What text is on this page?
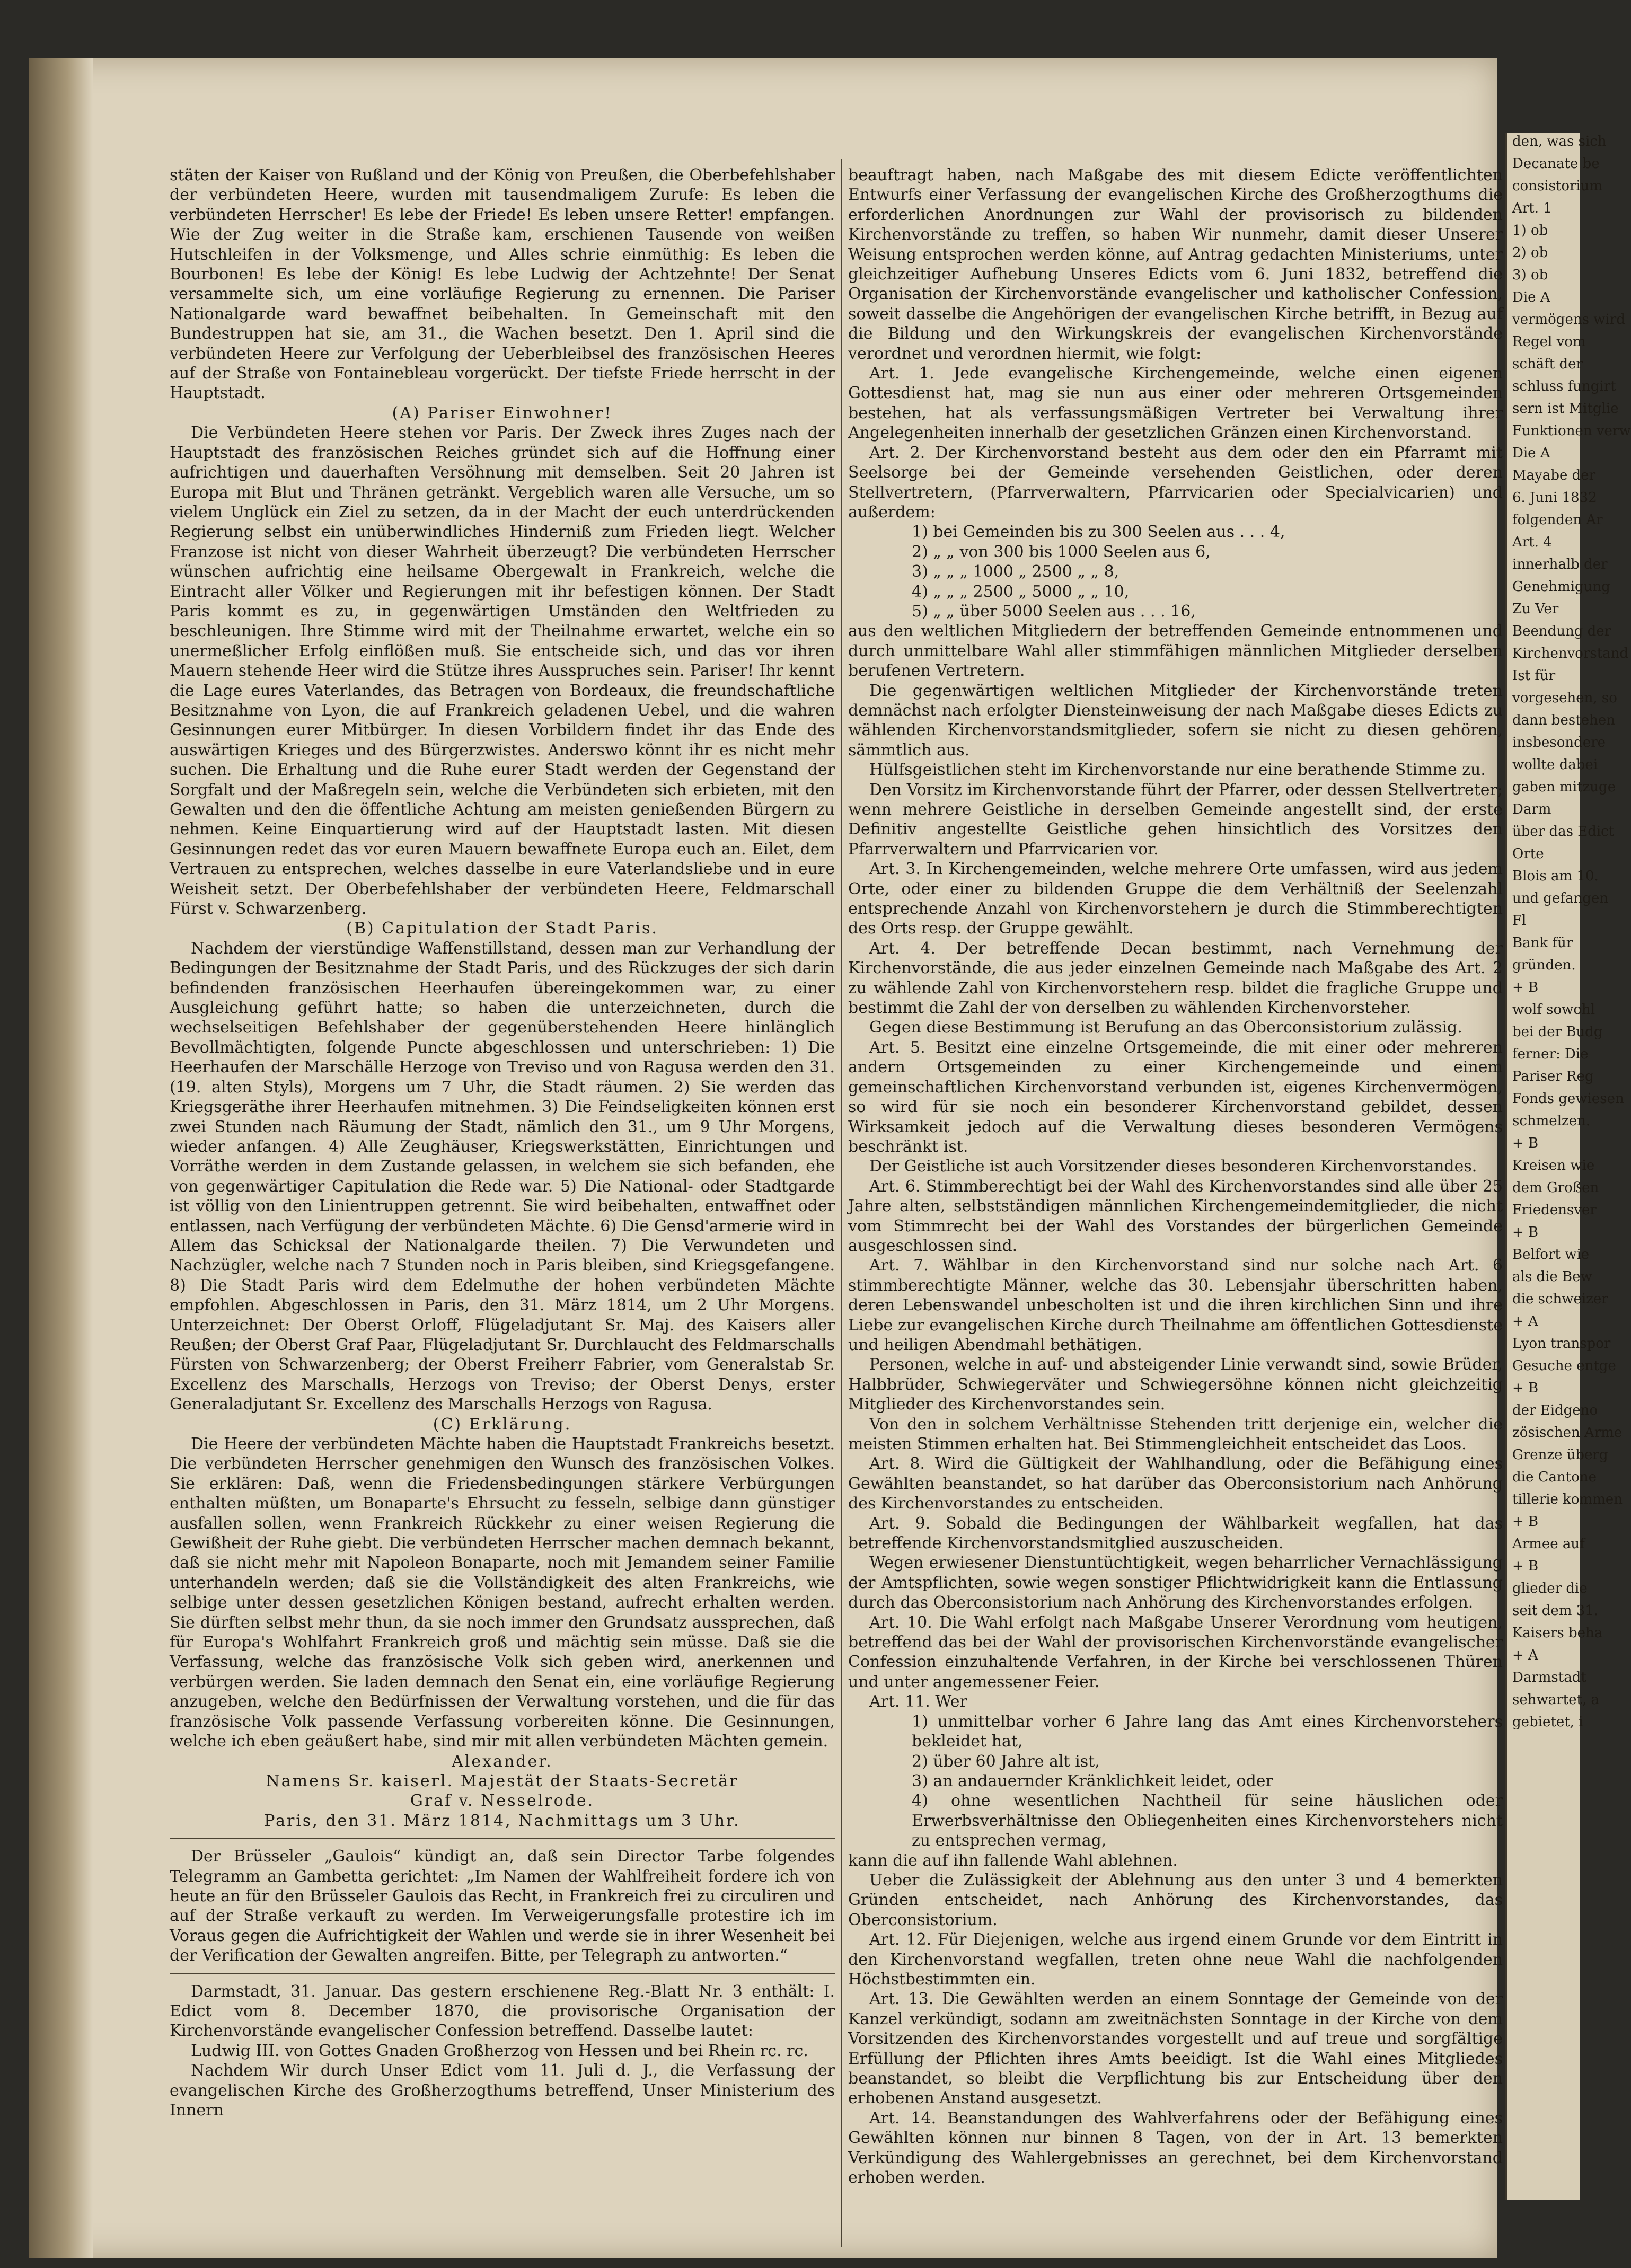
stäten der Kaiser von Rußland und der König von Preußen, die Oberbefehlshaber der verbündeten Heere, wurden mit tausendmaligem Zurufe: Es leben die verbündeten Herrscher! Es lebe der Friede! Es leben unsere Retter! empfangen. Wie der Zug weiter in die Straße kam, erschienen Tausende von weißen Hutschleifen in der Volksmenge, und Alles schrie einmüthig: Es leben die Bourbonen! Es lebe der König! Es lebe Ludwig der Achtzehnte! Der Senat versammelte sich, um eine vorläufige Regierung zu ernennen. Die Pariser Nationalgarde ward bewaffnet beibehalten. In Gemeinschaft mit den Bundestruppen hat sie, am 31., die Wachen besetzt. Den 1. April sind die verbündeten Heere zur Verfolgung der Ueberbleibsel des französischen Heeres auf der Straße von Fontainebleau vorgerückt. Der tiefste Friede herrscht in der Hauptstadt.

(A) Pariser Einwohner!

Die Verbündeten Heere stehen vor Paris. Der Zweck ihres Zuges nach der Hauptstadt des französischen Reiches gründet sich auf die Hoffnung einer aufrichtigen und dauerhaften Versöhnung mit demselben. Seit 20 Jahren ist Europa mit Blut und Thränen getränkt. Vergeblich waren alle Versuche, um so vielem Unglück ein Ziel zu setzen, da in der Macht der euch unterdrückenden Regierung selbst ein unüberwindliches Hinderniß zum Frieden liegt. Welcher Franzose ist nicht von dieser Wahrheit überzeugt? Die verbündeten Herrscher wünschen aufrichtig eine heilsame Obergewalt in Frankreich, welche die Eintracht aller Völker und Regierungen mit ihr befestigen können. Der Stadt Paris kommt es zu, in gegenwärtigen Umständen den Weltfrieden zu beschleunigen. Ihre Stimme wird mit der Theilnahme erwartet, welche ein so unermeßlicher Erfolg einflößen muß. Sie entscheide sich, und das vor ihren Mauern stehende Heer wird die Stütze ihres Ausspruches sein. Pariser! Ihr kennt die Lage eures Vaterlandes, das Betragen von Bordeaux, die freundschaftliche Besitznahme von Lyon, die auf Frankreich geladenen Uebel, und die wahren Gesinnungen eurer Mitbürger. In diesen Vorbildern findet ihr das Ende des auswärtigen Krieges und des Bürgerzwistes. Anderswo könnt ihr es nicht mehr suchen. Die Erhaltung und die Ruhe eurer Stadt werden der Gegenstand der Sorgfalt und der Maßregeln sein, welche die Verbündeten sich erbieten, mit den Gewalten und den die öffentliche Achtung am meisten genießenden Bürgern zu nehmen. Keine Einquartierung wird auf der Hauptstadt lasten. Mit diesen Gesinnungen redet das vor euren Mauern bewaffnete Europa euch an. Eilet, dem Vertrauen zu entsprechen, welches dasselbe in eure Vaterlandsliebe und in eure Weisheit setzt. Der Oberbefehlshaber der verbündeten Heere, Feldmarschall Fürst v. Schwarzenberg.

(B) Capitulation der Stadt Paris.

Nachdem der vierstündige Waffenstillstand, dessen man zur Verhandlung der Bedingungen der Besitznahme der Stadt Paris, und des Rückzuges der sich darin befindenden französischen Heerhaufen übereingekommen war, zu einer Ausgleichung geführt hatte; so haben die unterzeichneten, durch die wechselseitigen Befehlshaber der gegenüberstehenden Heere hinlänglich Bevollmächtigten, folgende Puncte abgeschlossen und unterschrieben: 1) Die Heerhaufen der Marschälle Herzoge von Treviso und von Ragusa werden den 31. (19. alten Styls), Morgens um 7 Uhr, die Stadt räumen. 2) Sie werden das Kriegsgeräthe ihrer Heerhaufen mitnehmen. 3) Die Feindseligkeiten können erst zwei Stunden nach Räumung der Stadt, nämlich den 31., um 9 Uhr Morgens, wieder anfangen. 4) Alle Zeughäuser, Kriegswerkstätten, Einrichtungen und Vorräthe werden in dem Zustande gelassen, in welchem sie sich befanden, ehe von gegenwärtiger Capitulation die Rede war. 5) Die National- oder Stadtgarde ist völlig von den Linientruppen getrennt. Sie wird beibehalten, entwaffnet oder entlassen, nach Verfügung der verbündeten Mächte. 6) Die Gensd'armerie wird in Allem das Schicksal der Nationalgarde theilen. 7) Die Verwundeten und Nachzügler, welche nach 7 Stunden noch in Paris bleiben, sind Kriegsgefangene. 8) Die Stadt Paris wird dem Edelmuthe der hohen verbündeten Mächte empfohlen. Abgeschlossen in Paris, den 31. März 1814, um 2 Uhr Morgens. Unterzeichnet: Der Oberst Orloff, Flügeladjutant Sr. Maj. des Kaisers aller Reußen; der Oberst Graf Paar, Flügeladjutant Sr. Durchlaucht des Feldmarschalls Fürsten von Schwarzenberg; der Oberst Freiherr Fabrier, vom Generalstab Sr. Excellenz des Marschalls, Herzogs von Treviso; der Oberst Denys, erster Generaladjutant Sr. Excellenz des Marschalls Herzogs von Ragusa.

(C) Erklärung.

Die Heere der verbündeten Mächte haben die Hauptstadt Frankreichs besetzt. Die verbündeten Herrscher genehmigen den Wunsch des französischen Volkes. Sie erklären: Daß, wenn die Friedensbedingungen stärkere Verbürgungen enthalten müßten, um Bonaparte's Ehrsucht zu fesseln, selbige dann günstiger ausfallen sollen, wenn Frankreich Rückkehr zu einer weisen Regierung die Gewißheit der Ruhe giebt. Die verbündeten Herrscher machen demnach bekannt, daß sie nicht mehr mit Napoleon Bonaparte, noch mit Jemandem seiner Familie unterhandeln werden; daß sie die Vollständigkeit des alten Frankreichs, wie selbige unter dessen gesetzlichen Königen bestand, aufrecht erhalten werden. Sie dürften selbst mehr thun, da sie noch immer den Grundsatz aussprechen, daß für Europa's Wohlfahrt Frankreich groß und mächtig sein müsse. Daß sie die Verfassung, welche das französische Volk sich geben wird, anerkennen und verbürgen werden. Sie laden demnach den Senat ein, eine vorläufige Regierung anzugeben, welche den Bedürfnissen der Verwaltung vorstehen, und die für das französische Volk passende Verfassung vorbereiten könne. Die Gesinnungen, welche ich eben geäußert habe, sind mir mit allen verbündeten Mächten gemein.

Alexander.

Namens Sr. kaiserl. Majestät der Staats-Secretär

Graf v. Nesselrode.

Paris, den 31. März 1814, Nachmittags um 3 Uhr.

Der Brüsseler „Gaulois“ kündigt an, daß sein Director Tarbe folgendes Telegramm an Gambetta gerichtet: „Im Namen der Wahlfreiheit fordere ich von heute an für den Brüsseler Gaulois das Recht, in Frankreich frei zu circuliren und auf der Straße verkauft zu werden. Im Verweigerungsfalle protestire ich im Voraus gegen die Aufrichtigkeit der Wahlen und werde sie in ihrer Wesenheit bei der Verification der Gewalten angreifen. Bitte, per Telegraph zu antworten.“

Darmstadt, 31. Januar. Das gestern erschienene Reg.-Blatt Nr. 3 enthält: I. Edict vom 8. December 1870, die provisorische Organisation der Kirchenvorstände evangelischer Confession betreffend. Dasselbe lautet:

Ludwig III. von Gottes Gnaden Großherzog von Hessen und bei Rhein rc. rc.

Nachdem Wir durch Unser Edict vom 11. Juli d. J., die Verfassung der evangelischen Kirche des Großherzogthums betreffend, Unser Ministerium des Innern

beauftragt haben, nach Maßgabe des mit diesem Edicte veröffentlichten Entwurfs einer Verfassung der evangelischen Kirche des Großherzogthums die erforderlichen Anordnungen zur Wahl der provisorisch zu bildenden Kirchenvorstände zu treffen, so haben Wir nunmehr, damit dieser Unserer Weisung entsprochen werden könne, auf Antrag gedachten Ministeriums, unter gleichzeitiger Aufhebung Unseres Edicts vom 6. Juni 1832, betreffend die Organisation der Kirchenvorstände evangelischer und katholischer Confession, soweit dasselbe die Angehörigen der evangelischen Kirche betrifft, in Bezug auf die Bildung und den Wirkungskreis der evangelischen Kirchenvorstände verordnet und verordnen hiermit, wie folgt:

Art. 1. Jede evangelische Kirchengemeinde, welche einen eigenen Gottesdienst hat, mag sie nun aus einer oder mehreren Ortsgemeinden bestehen, hat als verfassungsmäßigen Vertreter bei Verwaltung ihrer Angelegenheiten innerhalb der gesetzlichen Gränzen einen Kirchenvorstand.

Art. 2. Der Kirchenvorstand besteht aus dem oder den ein Pfarramt mit Seelsorge bei der Gemeinde versehenden Geistlichen, oder deren Stellvertretern, (Pfarrverwaltern, Pfarrvicarien oder Specialvicarien) und außerdem:

1) bei Gemeinden bis zu 300 Seelen aus . . . 4,

2) „ „ von 300 bis 1000 Seelen aus 6,

3) „ „ „ 1000 „ 2500 „ „ 8,

4) „ „ „ 2500 „ 5000 „ „ 10,

5) „ „ über 5000 Seelen aus . . . 16,

aus den weltlichen Mitgliedern der betreffenden Gemeinde entnommenen und durch unmittelbare Wahl aller stimmfähigen männlichen Mitglieder derselben berufenen Vertretern.

Die gegenwärtigen weltlichen Mitglieder der Kirchenvorstände treten demnächst nach erfolgter Diensteinweisung der nach Maßgabe dieses Edicts zu wählenden Kirchenvorstandsmitglieder, sofern sie nicht zu diesen gehören, sämmtlich aus.

Hülfsgeistlichen steht im Kirchenvorstande nur eine berathende Stimme zu.

Den Vorsitz im Kirchenvorstande führt der Pfarrer, oder dessen Stellvertreter; wenn mehrere Geistliche in derselben Gemeinde angestellt sind, der erste Definitiv angestellte Geistliche gehen hinsichtlich des Vorsitzes den Pfarrverwaltern und Pfarrvicarien vor.

Art. 3. In Kirchengemeinden, welche mehrere Orte umfassen, wird aus jedem Orte, oder einer zu bildenden Gruppe die dem Verhältniß der Seelenzahl entsprechende Anzahl von Kirchenvorstehern je durch die Stimmberechtigten des Orts resp. der Gruppe gewählt.

Art. 4. Der betreffende Decan bestimmt, nach Vernehmung der Kirchenvorstände, die aus jeder einzelnen Gemeinde nach Maßgabe des Art. 2 zu wählende Zahl von Kirchenvorstehern resp. bildet die fragliche Gruppe und bestimmt die Zahl der von derselben zu wählenden Kirchenvorsteher.

Gegen diese Bestimmung ist Berufung an das Oberconsistorium zulässig.

Art. 5. Besitzt eine einzelne Ortsgemeinde, die mit einer oder mehreren andern Ortsgemeinden zu einer Kirchengemeinde und einem gemeinschaftlichen Kirchenvorstand verbunden ist, eigenes Kirchenvermögen, so wird für sie noch ein besonderer Kirchenvorstand gebildet, dessen Wirksamkeit jedoch auf die Verwaltung dieses besonderen Vermögens beschränkt ist.

Der Geistliche ist auch Vorsitzender dieses besonderen Kirchenvorstandes.

Art. 6. Stimmberechtigt bei der Wahl des Kirchenvorstandes sind alle über 25 Jahre alten, selbstständigen männlichen Kirchengemeindemitglieder, die nicht vom Stimmrecht bei der Wahl des Vorstandes der bürgerlichen Gemeinde ausgeschlossen sind.

Art. 7. Wählbar in den Kirchenvorstand sind nur solche nach Art. 6 stimmberechtigte Männer, welche das 30. Lebensjahr überschritten haben, deren Lebenswandel unbescholten ist und die ihren kirchlichen Sinn und ihre Liebe zur evangelischen Kirche durch Theilnahme am öffentlichen Gottesdienste und heiligen Abendmahl bethätigen.

Personen, welche in auf- und absteigender Linie verwandt sind, sowie Brüder, Halbbrüder, Schwiegerväter und Schwiegersöhne können nicht gleichzeitig Mitglieder des Kirchenvorstandes sein.

Von den in solchem Verhältnisse Stehenden tritt derjenige ein, welcher die meisten Stimmen erhalten hat. Bei Stimmengleichheit entscheidet das Loos.

Art. 8. Wird die Gültigkeit der Wahlhandlung, oder die Befähigung eines Gewählten beanstandet, so hat darüber das Oberconsistorium nach Anhörung des Kirchenvorstandes zu entscheiden.

Art. 9. Sobald die Bedingungen der Wählbarkeit wegfallen, hat das betreffende Kirchenvorstandsmitglied auszuscheiden.

Wegen erwiesener Dienstuntüchtigkeit, wegen beharrlicher Vernachlässigung der Amtspflichten, sowie wegen sonstiger Pflichtwidrigkeit kann die Entlassung durch das Oberconsistorium nach Anhörung des Kirchenvorstandes erfolgen.

Art. 10. Die Wahl erfolgt nach Maßgabe Unserer Verordnung vom heutigen, betreffend das bei der Wahl der provisorischen Kirchenvorstände evangelischer Confession einzuhaltende Verfahren, in der Kirche bei verschlossenen Thüren und unter angemessener Feier.

Art. 11. Wer

1) unmittelbar vorher 6 Jahre lang das Amt eines Kirchenvorstehers bekleidet hat,

2) über 60 Jahre alt ist,

3) an andauernder Kränklichkeit leidet, oder

4) ohne wesentlichen Nachtheil für seine häuslichen oder Erwerbsverhältnisse den Obliegenheiten eines Kirchenvorstehers nicht zu entsprechen vermag,

kann die auf ihn fallende Wahl ablehnen.

Ueber die Zulässigkeit der Ablehnung aus den unter 3 und 4 bemerkten Gründen entscheidet, nach Anhörung des Kirchenvorstandes, das Oberconsistorium.

Art. 12. Für Diejenigen, welche aus irgend einem Grunde vor dem Eintritt in den Kirchenvorstand wegfallen, treten ohne neue Wahl die nachfolgenden Höchstbestimmten ein.

Art. 13. Die Gewählten werden an einem Sonntage der Gemeinde von der Kanzel verkündigt, sodann am zweitnächsten Sonntage in der Kirche von dem Vorsitzenden des Kirchenvorstandes vorgestellt und auf treue und sorgfältige Erfüllung der Pflichten ihres Amts beeidigt. Ist die Wahl eines Mitgliedes beanstandet, so bleibt die Verpflichtung bis zur Entscheidung über den erhobenen Anstand ausgesetzt.

Art. 14. Beanstandungen des Wahlverfahrens oder der Befähigung eines Gewählten können nur binnen 8 Tagen, von der in Art. 13 bemerkten Verkündigung des Wahlergebnisses an gerechnet, bei dem Kirchenvorstand erhoben werden.

den, was sich

Decanate be

consistorium

Art. 1

1) ob

2) ob

3) ob

Die A

vermögens wird

Regel vom

schäft der

schluss fungirt

sern ist Mitglie

Funktionen verw

Die A

Mayabe der

6. Juni 1832

folgenden Ar

Art. 4

innerhalb der

Genehmigung

Zu Ver

Beendung der

Kirchenvorstand

Ist für

vorgesehen, so

dann bestehen

insbesondere

wollte dabei

gaben mitzuge

Darm

über das Edict

Orte

Blois am 10.

und gefangen

Fl

Bank für

gründen.

+ B

wolf sowohl

bei der Budg

ferner: Die

Pariser Reg

Fonds gewiesen

schmelzen.

+ B

Kreisen wie

dem Großen

Friedensver

+ B

Belfort wie

als die Bew

die schweizer

+ A

Lyon transpor

Gesuche entge

+ B

der Eidgeno

zösischen Arme

Grenze überg

die Cantone

tillerie kommen

+ B

Armee auf

+ B

glieder die

seit dem 31.

Kaisers beha

+ A

Darmstadt

sehwartet, a

gebietet, i
